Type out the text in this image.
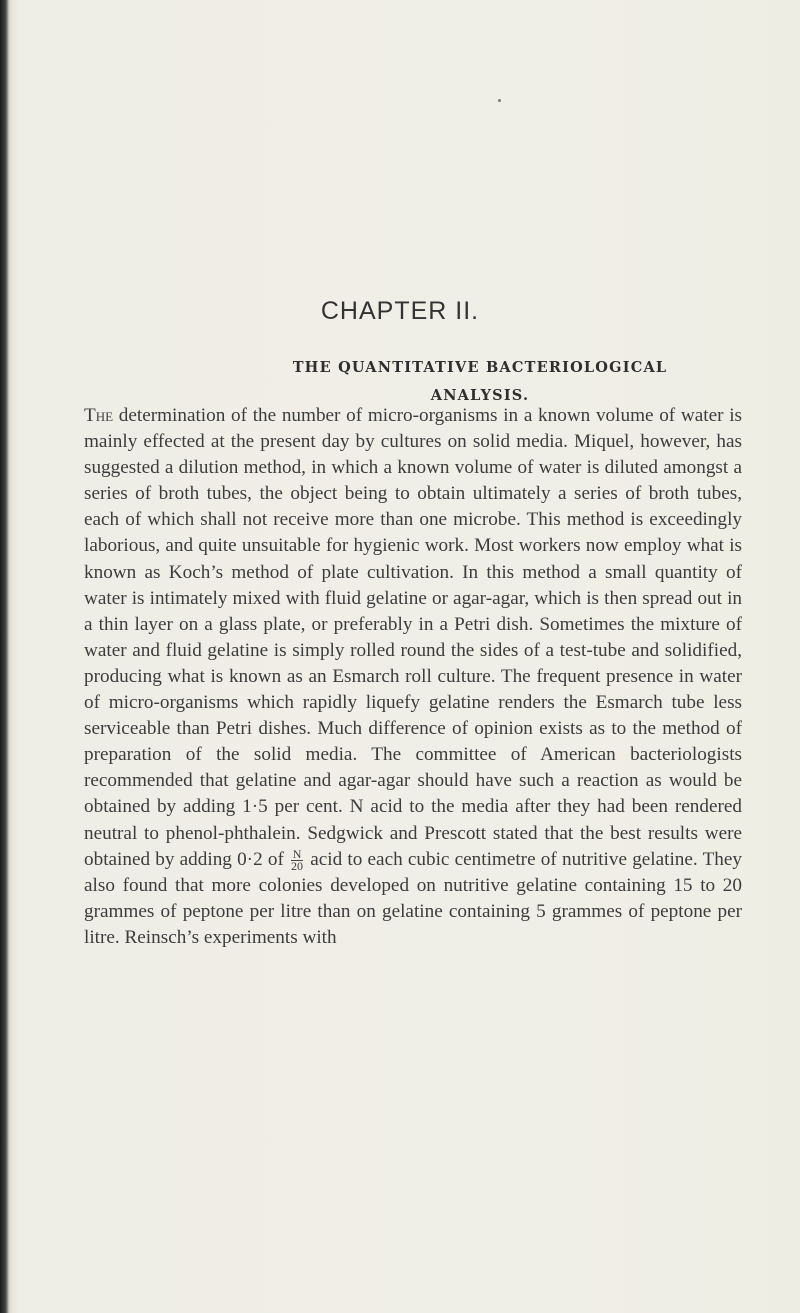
CHAPTER II.
THE QUANTITATIVE BACTERIOLOGICAL
ANALYSIS.
The determination of the number of micro-organisms in a known volume of water is mainly effected at the present day by cultures on solid media. Miquel, however, has suggested a dilution method, in which a known volume of water is diluted amongst a series of broth tubes, the object being to obtain ultimately a series of broth tubes, each of which shall not receive more than one microbe. This method is exceedingly laborious, and quite unsuitable for hygienic work. Most workers now employ what is known as Koch’s method of plate cultivation. In this method a small quantity of water is intimately mixed with fluid gelatine or agar-agar, which is then spread out in a thin layer on a glass plate, or preferably in a Petri dish. Sometimes the mixture of water and fluid gelatine is simply rolled round the sides of a test-tube and solidified, producing what is known as an Esmarch roll culture. The frequent presence in water of micro-organisms which rapidly liquefy gelatine renders the Esmarch tube less serviceable than Petri dishes. Much difference of opinion exists as to the method of preparation of the solid media. The committee of American bacteriologists recommended that gelatine and agar-agar should have such a reaction as would be obtained by adding 1·5 per cent. N acid to the media after they had been rendered neutral to phenol-phthalein. Sedgwick and Prescott stated that the best results were obtained by adding 0·2 of $\frac{N}{20}$ acid to each cubic centimetre of nutritive gelatine. They also found that more colonies developed on nutritive gelatine containing 15 to 20 grammes of peptone per litre than on gelatine containing 5 grammes of peptone per litre. Reinsch’s experiments with
